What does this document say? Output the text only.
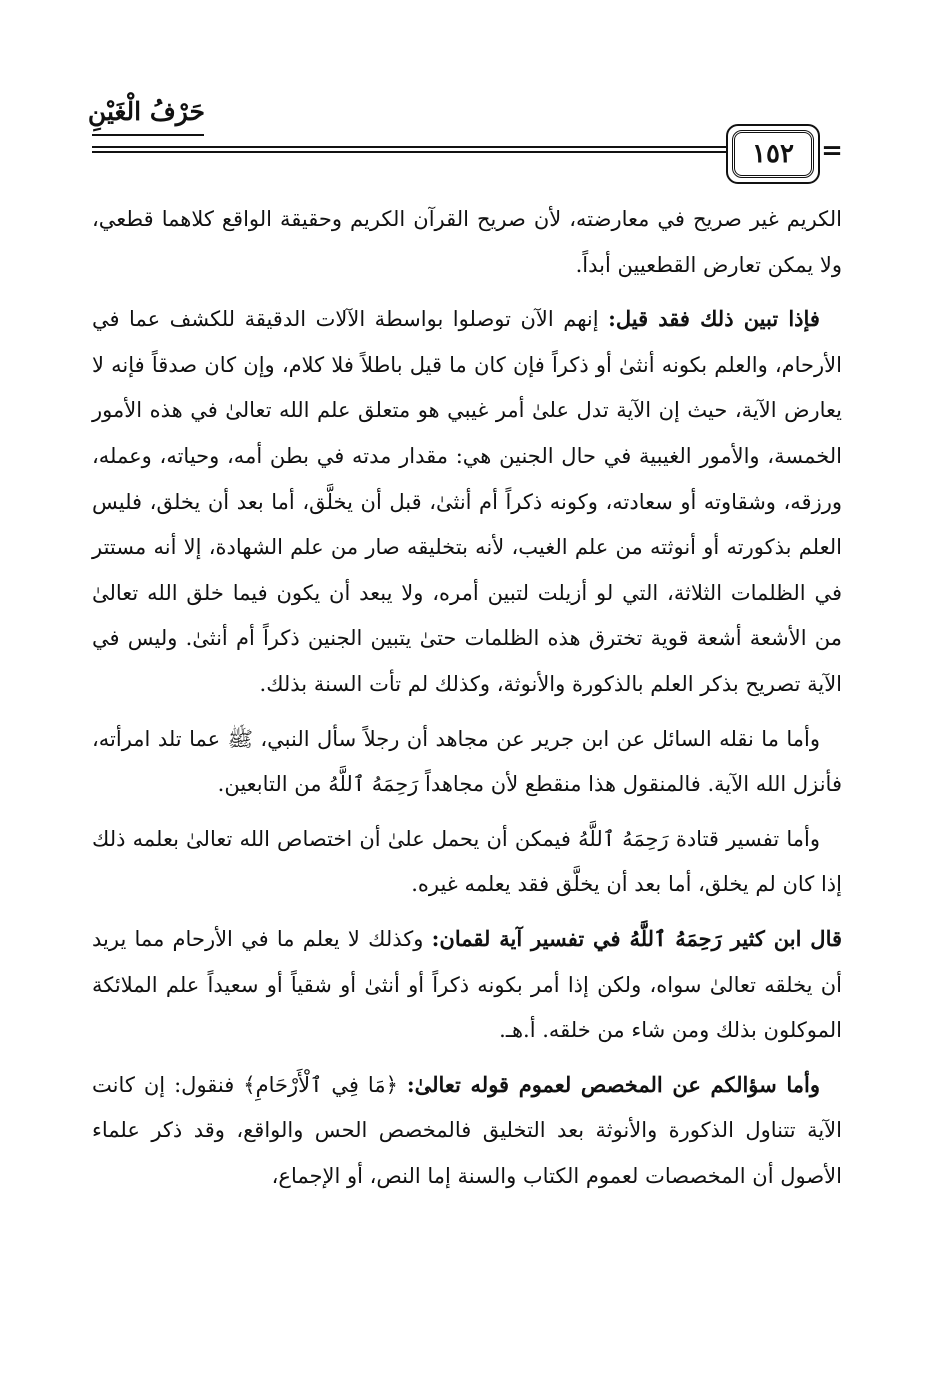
حَرْفُ الْغَيْنِ
١٥٢	=

الكريم غير صريح في معارضته، لأن صريح القرآن الكريم وحقيقة الواقع كلاهما قطعي، ولا يمكن تعارض القطعيين أبداً.

فإذا تبين ذلك فقد قيل: إنهم الآن توصلوا بواسطة الآلات الدقيقة للكشف عما في الأرحام، والعلم بكونه أنثىٰ أو ذكراً فإن كان ما قيل باطلاً فلا كلام، وإن كان صدقاً فإنه لا يعارض الآية، حيث إن الآية تدل علىٰ أمر غيبي هو متعلق علم الله تعالىٰ في هذه الأمور الخمسة، والأمور الغيبية في حال الجنين هي: مقدار مدته في بطن أمه، وحياته، وعمله، ورزقه، وشقاوته أو سعادته، وكونه ذكراً أم أنثىٰ، قبل أن يخلَّق، أما بعد أن يخلق، فليس العلم بذكورته أو أنوثته من علم الغيب، لأنه بتخليقه صار من علم الشهادة، إلا أنه مستتر في الظلمات الثلاثة، التي لو أزيلت لتبين أمره، ولا يبعد أن يكون فيما خلق الله تعالىٰ من الأشعة أشعة قوية تخترق هذه الظلمات حتىٰ يتبين الجنين ذكراً أم أنثىٰ. وليس في الآية تصريح بذكر العلم بالذكورة والأنوثة، وكذلك لم تأت السنة بذلك.

وأما ما نقله السائل عن ابن جرير عن مجاهد أن رجلاً سأل النبي، ﷺ عما تلد امرأته، فأنزل الله الآية. فالمنقول هذا منقطع لأن مجاهداً رَحِمَهُ ٱللَّهُ من التابعين.

وأما تفسير قتادة رَحِمَهُ ٱللَّهُ فيمكن أن يحمل علىٰ أن اختصاص الله تعالىٰ بعلمه ذلك إذا كان لم يخلق، أما بعد أن يخلَّق فقد يعلمه غيره.

قال ابن كثير رَحِمَهُ ٱللَّهُ في تفسير آية لقمان: وكذلك لا يعلم ما في الأرحام مما يريد أن يخلقه تعالىٰ سواه، ولكن إذا أمر بكونه ذكراً أو أنثىٰ أو شقياً أو سعيداً علم الملائكة الموكلون بذلك ومن شاء من خلقه. أ.هـ.

وأما سؤالكم عن المخصص لعموم قوله تعالىٰ: ﴿مَا فِي ٱلْأَرْحَامِ﴾ فنقول: إن كانت الآية تتناول الذكورة والأنوثة بعد التخليق فالمخصص الحس والواقع، وقد ذكر علماء الأصول أن المخصصات لعموم الكتاب والسنة إما النص، أو الإجماع،
